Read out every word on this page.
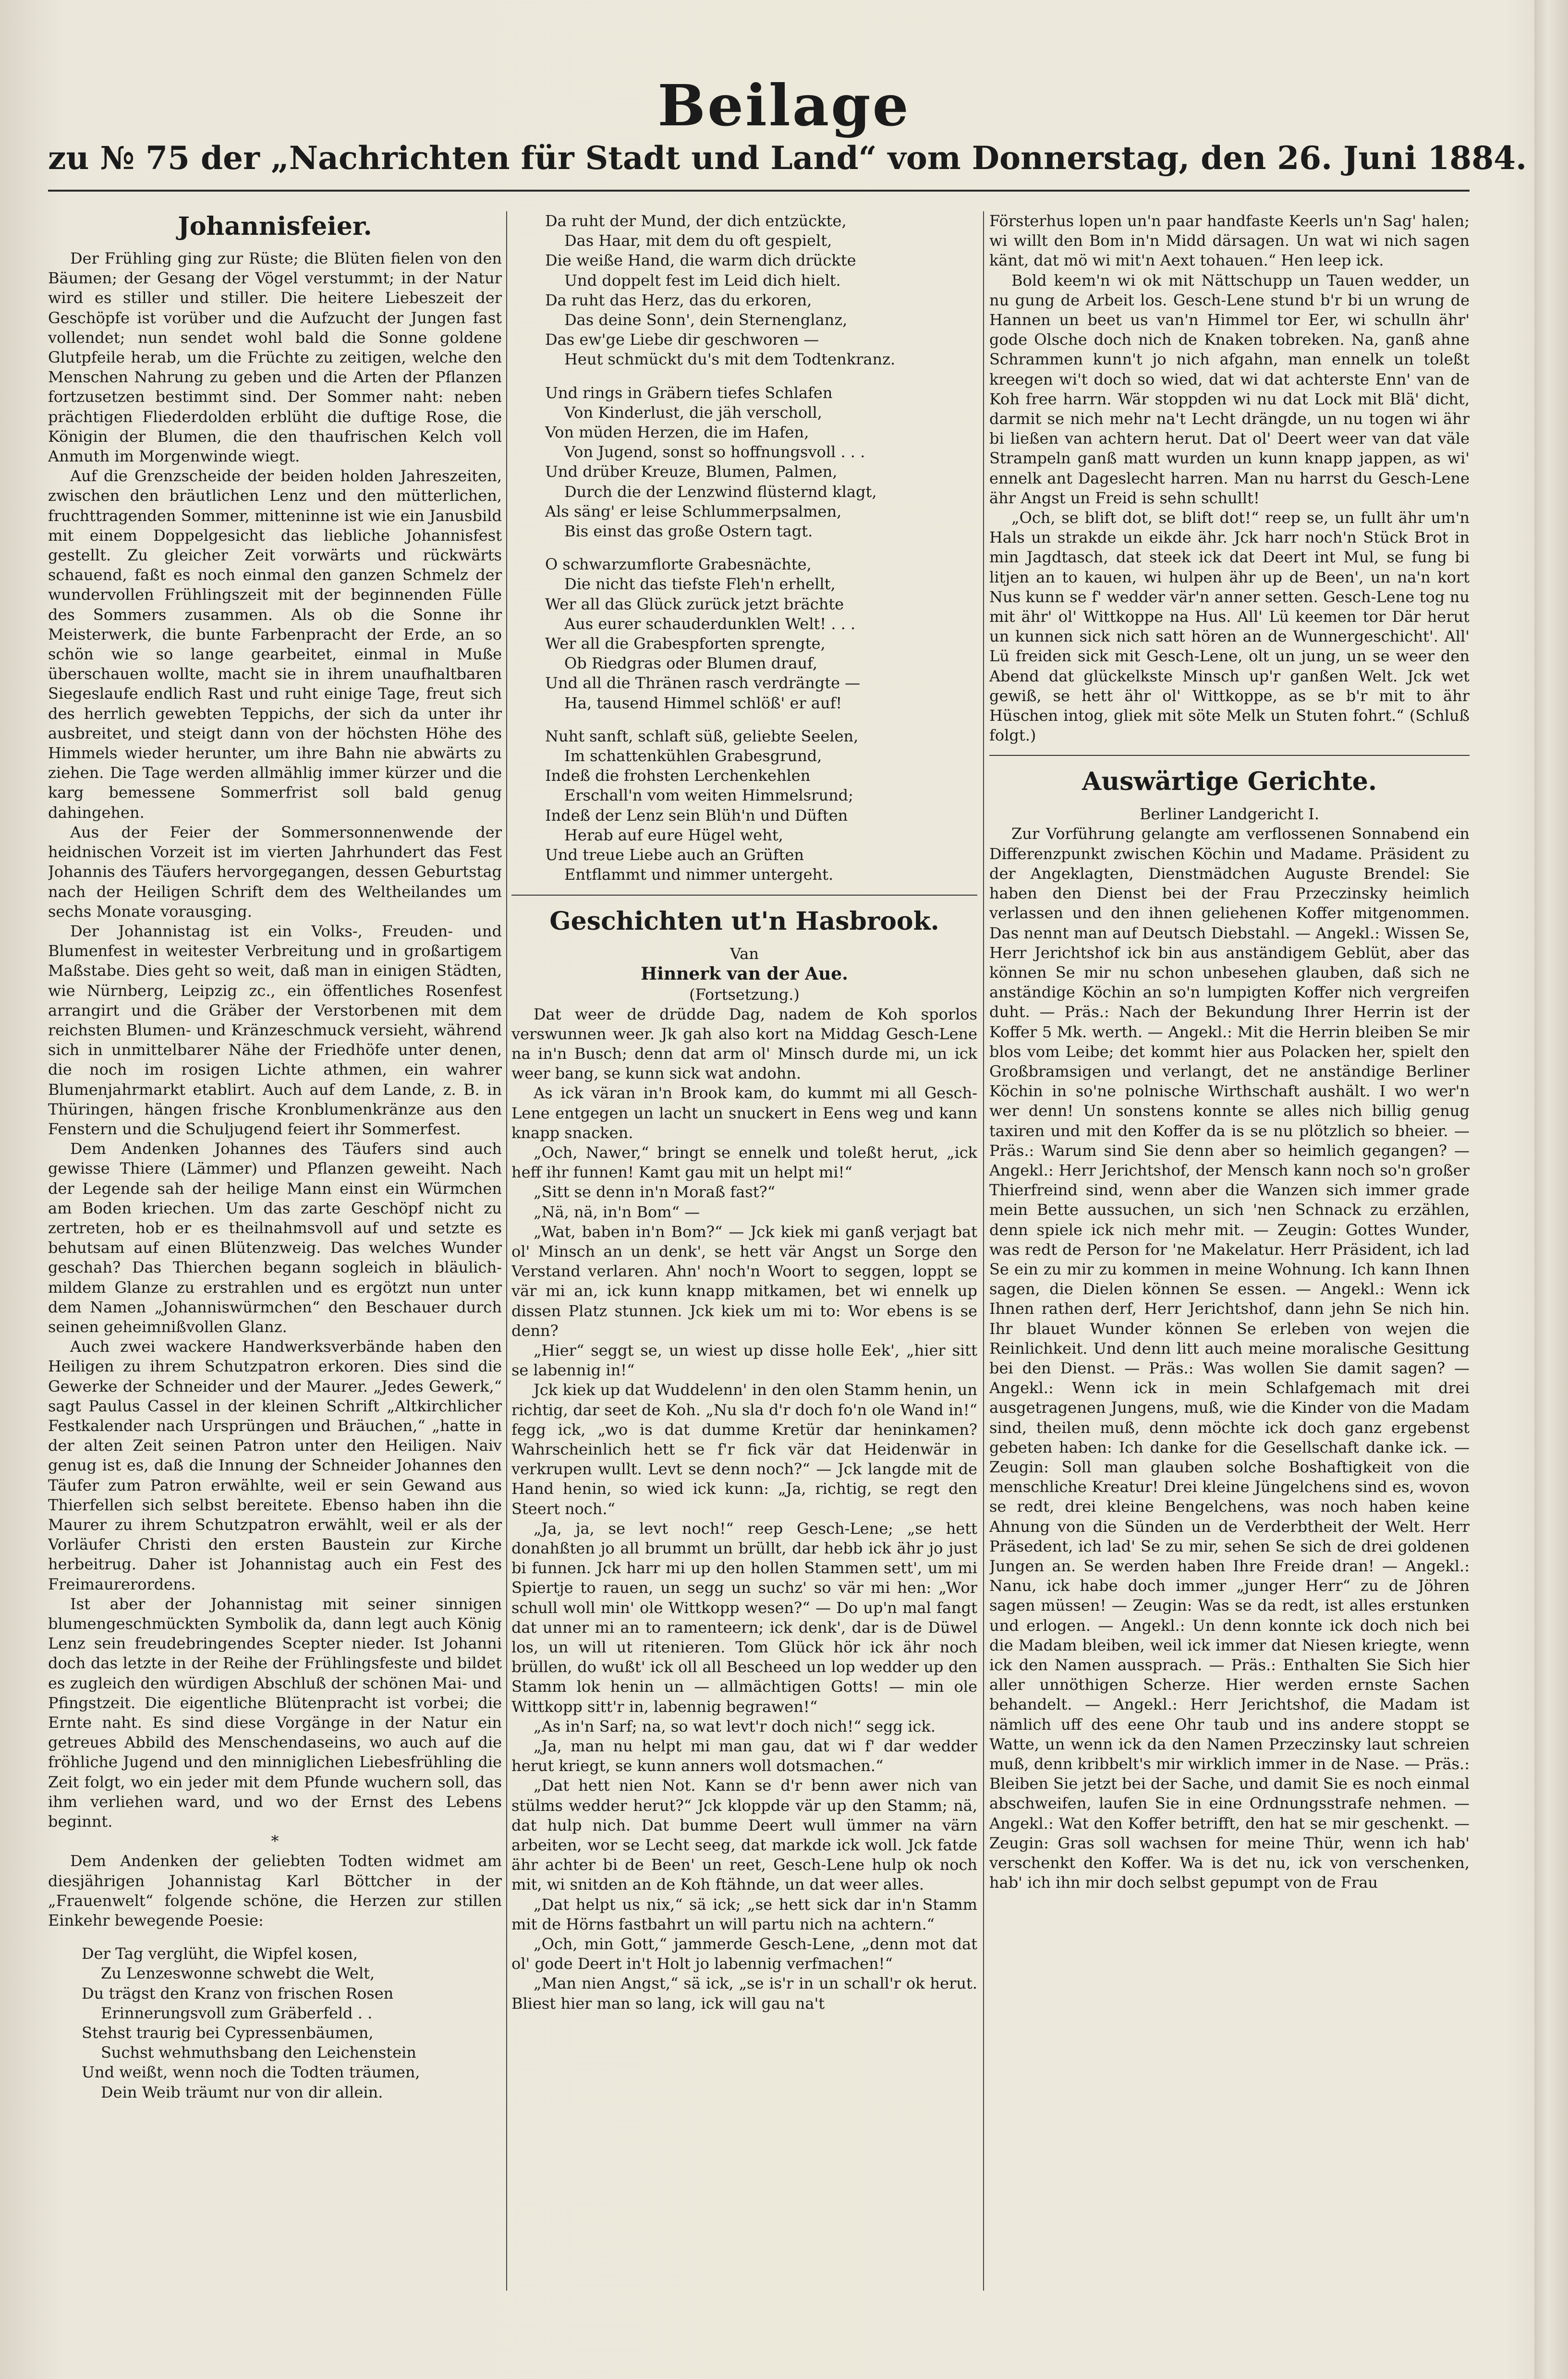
Beilage
zu № 75 der „Nachrichten für Stadt und Land“ vom Donnerstag, den 26. Juni 1884.
Johannisfeier.

Der Frühling ging zur Rüste; die Blüten fielen von den Bäumen; der Gesang der Vögel verstummt; in der Natur wird es stiller und stiller. Die heitere Liebeszeit der Geschöpfe ist vorüber und die Aufzucht der Jungen fast vollendet; nun sendet wohl bald die Sonne goldene Glutpfeile herab, um die Früchte zu zeitigen, welche den Menschen Nahrung zu geben und die Arten der Pflanzen fortzusetzen bestimmt sind. Der Sommer naht: neben prächtigen Fliederdolden erblüht die duftige Rose, die Königin der Blumen, die den thaufrischen Kelch voll Anmuth im Morgenwinde wiegt.

Auf die Grenzscheide der beiden holden Jahreszeiten, zwischen den bräutlichen Lenz und den mütterlichen, fruchttragenden Sommer, mitteninne ist wie ein Janusbild mit einem Doppelgesicht das liebliche Johannisfest gestellt. Zu gleicher Zeit vorwärts und rückwärts schauend, faßt es noch einmal den ganzen Schmelz der wundervollen Frühlingszeit mit der beginnenden Fülle des Sommers zusammen. Als ob die Sonne ihr Meisterwerk, die bunte Farbenpracht der Erde, an so schön wie so lange gearbeitet, einmal in Muße überschauen wollte, macht sie in ihrem unaufhaltbaren Siegeslaufe endlich Rast und ruht einige Tage, freut sich des herrlich gewebten Teppichs, der sich da unter ihr ausbreitet, und steigt dann von der höchsten Höhe des Himmels wieder herunter, um ihre Bahn nie abwärts zu ziehen. Die Tage werden allmählig immer kürzer und die karg bemessene Sommerfrist soll bald genug dahingehen.

Aus der Feier der Sommersonnenwende der heidnischen Vorzeit ist im vierten Jahrhundert das Fest Johannis des Täufers hervorgegangen, dessen Geburtstag nach der Heiligen Schrift dem des Weltheilandes um sechs Monate vorausging.

Der Johannistag ist ein Volks-, Freuden- und Blumenfest in weitester Verbreitung und in großartigem Maßstabe. Dies geht so weit, daß man in einigen Städten, wie Nürnberg, Leipzig zc., ein öffentliches Rosenfest arrangirt und die Gräber der Verstorbenen mit dem reichsten Blumen- und Kränzeschmuck versieht, während sich in unmittelbarer Nähe der Friedhöfe unter denen, die noch im rosigen Lichte athmen, ein wahrer Blumenjahrmarkt etablirt. Auch auf dem Lande, z. B. in Thüringen, hängen frische Kronblumenkränze aus den Fenstern und die Schuljugend feiert ihr Sommerfest.

Dem Andenken Johannes des Täufers sind auch gewisse Thiere (Lämmer) und Pflanzen geweiht. Nach der Legende sah der heilige Mann einst ein Würmchen am Boden kriechen. Um das zarte Geschöpf nicht zu zertreten, hob er es theilnahmsvoll auf und setzte es behutsam auf einen Blütenzweig. Das welches Wunder geschah? Das Thierchen begann sogleich in bläulich-mildem Glanze zu erstrahlen und es ergötzt nun unter dem Namen „Johanniswürmchen“ den Beschauer durch seinen geheimnißvollen Glanz.

Auch zwei wackere Handwerksverbände haben den Heiligen zu ihrem Schutzpatron erkoren. Dies sind die Gewerke der Schneider und der Maurer. „Jedes Gewerk,“ sagt Paulus Cassel in der kleinen Schrift „Altkirchlicher Festkalender nach Ursprüngen und Bräuchen,“ „hatte in der alten Zeit seinen Patron unter den Heiligen. Naiv genug ist es, daß die Innung der Schneider Johannes den Täufer zum Patron erwählte, weil er sein Gewand aus Thierfellen sich selbst bereitete. Ebenso haben ihn die Maurer zu ihrem Schutzpatron erwählt, weil er als der Vorläufer Christi den ersten Baustein zur Kirche herbeitrug. Daher ist Johannistag auch ein Fest des Freimaurerordens.

Ist aber der Johannistag mit seiner sinnigen blumengeschmückten Symbolik da, dann legt auch König Lenz sein freudebringendes Scepter nieder. Ist Johanni doch das letzte in der Reihe der Frühlingsfeste und bildet es zugleich den würdigen Abschluß der schönen Mai- und Pfingstzeit. Die eigentliche Blütenpracht ist vorbei; die Ernte naht. Es sind diese Vorgänge in der Natur ein getreues Abbild des Menschendaseins, wo auch auf die fröhliche Jugend und den minniglichen Liebesfrühling die Zeit folgt, wo ein jeder mit dem Pfunde wuchern soll, das ihm verliehen ward, und wo der Ernst des Lebens beginnt.

*

Dem Andenken der geliebten Todten widmet am diesjährigen Johannistag Karl Böttcher in der „Frauenwelt“ folgende schöne, die Herzen zur stillen Einkehr bewegende Poesie:

Der Tag verglüht, die Wipfel kosen,
Zu Lenzeswonne schwebt die Welt,
Du trägst den Kranz von frischen Rosen
Erinnerungsvoll zum Gräberfeld . .
Stehst traurig bei Cypressenbäumen,
Suchst wehmuthsbang den Leichenstein
Und weißt, wenn noch die Todten träumen,
Dein Weib träumt nur von dir allein.
Da ruht der Mund, der dich entzückte,
Das Haar, mit dem du oft gespielt,
Die weiße Hand, die warm dich drückte
Und doppelt fest im Leid dich hielt.
Da ruht das Herz, das du erkoren,
Das deine Sonn', dein Sternenglanz,
Das ew'ge Liebe dir geschworen —
Heut schmückt du's mit dem Todtenkranz.
Und rings in Gräbern tiefes Schlafen
Von Kinderlust, die jäh verscholl,
Von müden Herzen, die im Hafen,
Von Jugend, sonst so hoffnungsvoll . . .
Und drüber Kreuze, Blumen, Palmen,
Durch die der Lenzwind flüsternd klagt,
Als säng' er leise Schlummerpsalmen,
Bis einst das große Ostern tagt.
O schwarzumflorte Grabesnächte,
Die nicht das tiefste Fleh'n erhellt,
Wer all das Glück zurück jetzt brächte
Aus eurer schauderdunklen Welt! . . .
Wer all die Grabespforten sprengte,
Ob Riedgras oder Blumen drauf,
Und all die Thränen rasch verdrängte —
Ha, tausend Himmel schlöß' er auf!
Nuht sanft, schlaft süß, geliebte Seelen,
Im schattenkühlen Grabesgrund,
Indeß die frohsten Lerchenkehlen
Erschall'n vom weiten Himmelsrund;
Indeß der Lenz sein Blüh'n und Düften
Herab auf eure Hügel weht,
Und treue Liebe auch an Grüften
Entflammt und nimmer untergeht.
Geschichten ut'n Hasbrook.
Van
Hinnerk van der Aue.
(Fortsetzung.)

Dat weer de drüdde Dag, nadem de Koh sporlos verswunnen weer. Jk gah also kort na Middag Gesch-Lene na in'n Busch; denn dat arm ol' Minsch durde mi, un ick weer bang, se kunn sick wat andohn.

As ick väran in'n Brook kam, do kummt mi all Gesch-Lene entgegen un lacht un snuckert in Eens weg und kann knapp snacken.

„Och, Nawer,“ bringt se ennelk und toleßt herut, „ick heff ihr funnen! Kamt gau mit un helpt mi!“

„Sitt se denn in'n Moraß fast?“

„Nä, nä, in'n Bom“ —

„Wat, baben in'n Bom?“ — Jck kiek mi ganß verjagt bat ol' Minsch an un denk', se hett vär Angst un Sorge den Verstand verlaren. Ahn' noch'n Woort to seggen, loppt se vär mi an, ick kunn knapp mitkamen, bet wi ennelk up dissen Platz stunnen. Jck kiek um mi to: Wor ebens is se denn?

„Hier“ seggt se, un wiest up disse holle Eek', „hier sitt se labennig in!“

Jck kiek up dat Wuddelenn' in den olen Stamm henin, un richtig, dar seet de Koh. „Nu sla d'r doch fo'n ole Wand in!“ fegg ick, „wo is dat dumme Kretür dar heninkamen? Wahrscheinlich hett se f'r fick vär dat Heidenwär in verkrupen wullt. Levt se denn noch?“ — Jck langde mit de Hand henin, so wied ick kunn: „Ja, richtig, se regt den Steert noch.“

„Ja, ja, se levt noch!“ reep Gesch-Lene; „se hett donahßten jo all brummt un brüllt, dar hebb ick ähr jo just bi funnen. Jck harr mi up den hollen Stammen sett', um mi Spiertje to rauen, un segg un suchz' so vär mi hen: „Wor schull woll min' ole Wittkopp wesen?“ — Do up'n mal fangt dat unner mi an to ramenteern; ick denk', dar is de Düwel los, un will ut ritenieren. Tom Glück hör ick ähr noch brüllen, do wußt' ick oll all Bescheed un lop wedder up den Stamm lok henin un — allmächtigen Gotts! — min ole Wittkopp sitt'r in, labennig begrawen!“

„As in'n Sarf; na, so wat levt'r doch nich!“ segg ick.

„Ja, man nu helpt mi man gau, dat wi f' dar wedder herut kriegt, se kunn anners woll dotsmachen.“

„Dat hett nien Not. Kann se d'r benn awer nich van stülms wedder herut?“ Jck kloppde vär up den Stamm; nä, dat hulp nich. Dat bumme Deert wull ümmer na värn arbeiten, wor se Lecht seeg, dat markde ick woll. Jck fatde ähr achter bi de Been' un reet, Gesch-Lene hulp ok noch mit, wi snitden an de Koh ftähnde, un dat weer alles.

„Dat helpt us nix,“ sä ick; „se hett sick dar in'n Stamm mit de Hörns fastbahrt un will partu nich na achtern.“

„Och, min Gott,“ jammerde Gesch-Lene, „denn mot dat ol' gode Deert in't Holt jo labennig verfmachen!“

„Man nien Angst,“ sä ick, „se is'r in un schall'r ok herut. Bliest hier man so lang, ick will gau na't

Försterhus lopen un'n paar handfaste Keerls un'n Sag' halen; wi willt den Bom in'n Midd därsagen. Un wat wi nich sagen känt, dat mö wi mit'n Aext tohauen.“ Hen leep ick.

Bold keem'n wi ok mit Nättschupp un Tauen wedder, un nu gung de Arbeit los. Gesch-Lene stund b'r bi un wrung de Hannen un beet us van'n Himmel tor Eer, wi schulln ähr' gode Olsche doch nich de Knaken tobreken. Na, ganß ahne Schrammen kunn't jo nich afgahn, man ennelk un toleßt kreegen wi't doch so wied, dat wi dat achterste Enn' van de Koh free harrn. Wär stoppden wi nu dat Lock mit Blä' dicht, darmit se nich mehr na't Lecht drängde, un nu togen wi ähr bi ließen van achtern herut. Dat ol' Deert weer van dat väle Strampeln ganß matt wurden un kunn knapp jappen, as wi' ennelk ant Dageslecht harren. Man nu harrst du Gesch-Lene ähr Angst un Freid is sehn schullt!

„Och, se blift dot, se blift dot!“ reep se, un fullt ähr um'n Hals un strakde un eikde ähr. Jck harr noch'n Stück Brot in min Jagdtasch, dat steek ick dat Deert int Mul, se fung bi litjen an to kauen, wi hulpen ähr up de Been', un na'n kort Nus kunn se f' wedder vär'n anner setten. Gesch-Lene tog nu mit ähr' ol' Wittkoppe na Hus. All' Lü keemen tor Där herut un kunnen sick nich satt hören an de Wunnergeschicht'. All' Lü freiden sick mit Gesch-Lene, olt un jung, un se weer den Abend dat glückelkste Minsch up'r ganßen Welt. Jck wet gewiß, se hett ähr ol' Wittkoppe, as se b'r mit to ähr Hüschen intog, gliek mit söte Melk un Stuten fohrt.“ (Schluß folgt.)

Auswärtige Gerichte.
Berliner Landgericht I.

Zur Vorführung gelangte am verflossenen Sonnabend ein Differenzpunkt zwischen Köchin und Madame. Präsident zu der Angeklagten, Dienstmädchen Auguste Brendel: Sie haben den Dienst bei der Frau Przeczinsky heimlich verlassen und den ihnen geliehenen Koffer mitgenommen. Das nennt man auf Deutsch Diebstahl. — Angekl.: Wissen Se, Herr Jerichtshof ick bin aus anständigem Geblüt, aber das können Se mir nu schon unbesehen glauben, daß sich ne anständige Köchin an so'n lumpigten Koffer nich vergreifen duht. — Präs.: Nach der Bekundung Ihrer Herrin ist der Koffer 5 Mk. werth. — Angekl.: Mit die Herrin bleiben Se mir blos vom Leibe; det kommt hier aus Polacken her, spielt den Großbramsigen und verlangt, det ne anständige Berliner Köchin in so'ne polnische Wirthschaft aushält. I wo wer'n wer denn! Un sonstens konnte se alles nich billig genug taxiren und mit den Koffer da is se nu plötzlich so bheier. — Präs.: Warum sind Sie denn aber so heimlich gegangen? — Angekl.: Herr Jerichtshof, der Mensch kann noch so'n großer Thierfreind sind, wenn aber die Wanzen sich immer grade mein Bette aussuchen, un sich 'nen Schnack zu erzählen, denn spiele ick nich mehr mit. — Zeugin: Gottes Wunder, was redt de Person for 'ne Makelatur. Herr Präsident, ich lad Se ein zu mir zu kommen in meine Wohnung. Ich kann Ihnen sagen, die Dielen können Se essen. — Angekl.: Wenn ick Ihnen rathen derf, Herr Jerichtshof, dann jehn Se nich hin. Ihr blauet Wunder können Se erleben von wejen die Reinlichkeit. Und denn litt auch meine moralische Gesittung bei den Dienst. — Präs.: Was wollen Sie damit sagen? — Angekl.: Wenn ick in mein Schlafgemach mit drei ausgetragenen Jungens, muß, wie die Kinder von die Madam sind, theilen muß, denn möchte ick doch ganz ergebenst gebeten haben: Ich danke for die Gesellschaft danke ick. — Zeugin: Soll man glauben solche Boshaftigkeit von die menschliche Kreatur! Drei kleine Jüngelchens sind es, wovon se redt, drei kleine Bengelchens, was noch haben keine Ahnung von die Sünden un de Verderbtheit der Welt. Herr Präsedent, ich lad' Se zu mir, sehen Se sich de drei goldenen Jungen an. Se werden haben Ihre Freide dran! — Angekl.: Nanu, ick habe doch immer „junger Herr“ zu de Jöhren sagen müssen! — Zeugin: Was se da redt, ist alles erstunken und erlogen. — Angekl.: Un denn konnte ick doch nich bei die Madam bleiben, weil ick immer dat Niesen kriegte, wenn ick den Namen aussprach. — Präs.: Enthalten Sie Sich hier aller unnöthigen Scherze. Hier werden ernste Sachen behandelt. — Angekl.: Herr Jerichtshof, die Madam ist nämlich uff des eene Ohr taub und ins andere stoppt se Watte, un wenn ick da den Namen Przeczinsky laut schreien muß, denn kribbelt's mir wirklich immer in de Nase. — Präs.: Bleiben Sie jetzt bei der Sache, und damit Sie es noch einmal abschweifen, laufen Sie in eine Ordnungsstrafe nehmen. — Angekl.: Wat den Koffer betrifft, den hat se mir geschenkt. — Zeugin: Gras soll wachsen for meine Thür, wenn ich hab' verschenkt den Koffer. Wa is det nu, ick von verschenken, hab' ich ihn mir doch selbst gepumpt von de Frau
